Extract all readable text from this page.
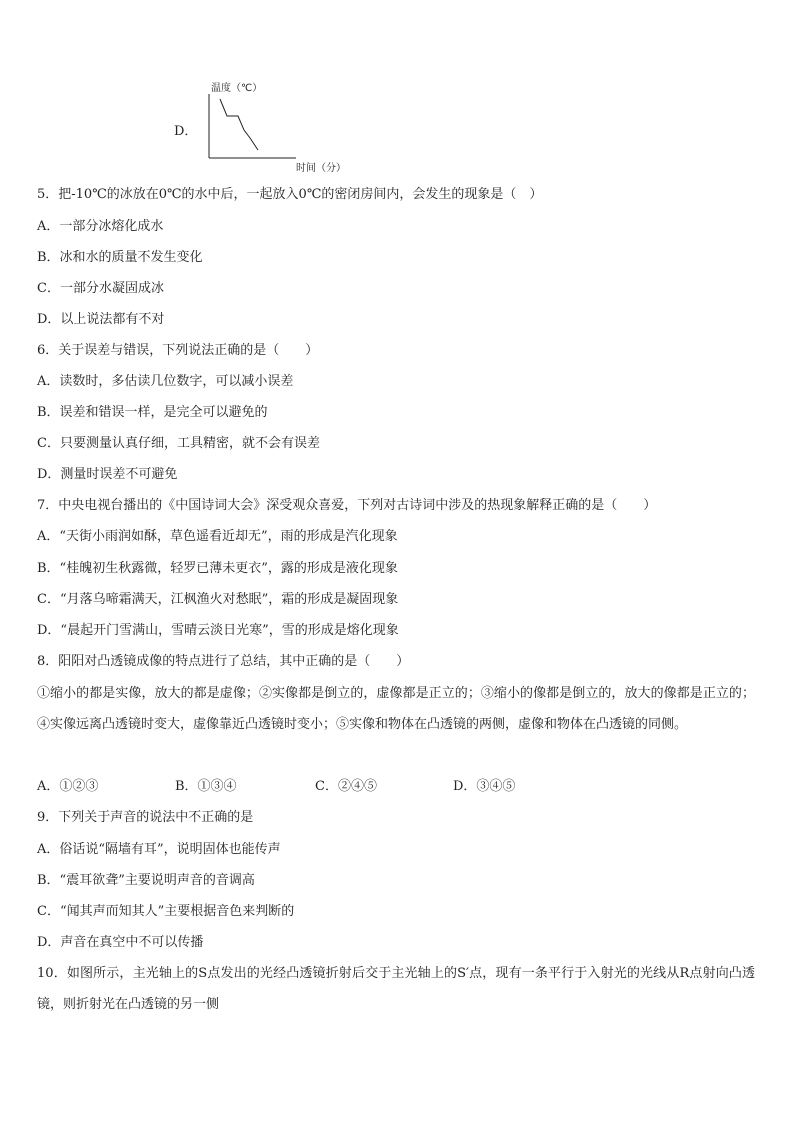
D．
温度（℃）
时间（分）
5．把-10℃的冰放在0℃的水中后，一起放入0℃的密闭房间内，会发生的现象是（　）
A．一部分冰熔化成水
B．冰和水的质量不发生变化
C．一部分水凝固成冰
D．以上说法都有不对
6．关于误差与错误，下列说法正确的是（　　）
A．读数时，多估读几位数字，可以减小误差
B．误差和错误一样，是完全可以避免的
C．只要测量认真仔细，工具精密，就不会有误差
D．测量时误差不可避免
7．中央电视台播出的《中国诗词大会》深受观众喜爱，下列对古诗词中涉及的热现象解释正确的是（　　）
A．“天街小雨润如酥，草色遥看近却无”，雨的形成是汽化现象
B．“桂魄初生秋露微，轻罗已薄未更衣”，露的形成是液化现象
C．“月落乌啼霜满天，江枫渔火对愁眠”，霜的形成是凝固现象
D．“晨起开门雪满山，雪晴云淡日光寒”，雪的形成是熔化现象
8．阳阳对凸透镜成像的特点进行了总结，其中正确的是（　　）
①缩小的都是实像，放大的都是虚像；②实像都是倒立的，虚像都是正立的；③缩小的像都是倒立的，放大的像都是正立的；④实像远离凸透镜时变大，虚像靠近凸透镜时变小；⑤实像和物体在凸透镜的两侧，虚像和物体在凸透镜的同侧。
A．①②③	B．①③④	C．②④⑤	D．③④⑤
9．下列关于声音的说法中不正确的是
A．俗话说“隔墙有耳”，说明固体也能传声
B．“震耳欲聋”主要说明声音的音调高
C．“闻其声而知其人”主要根据音色来判断的
D．声音在真空中不可以传播
10．如图所示，主光轴上的S点发出的光经凸透镜折射后交于主光轴上的S′点，现有一条平行于入射光的光线从R点射向凸透镜，则折射光在凸透镜的另一侧
